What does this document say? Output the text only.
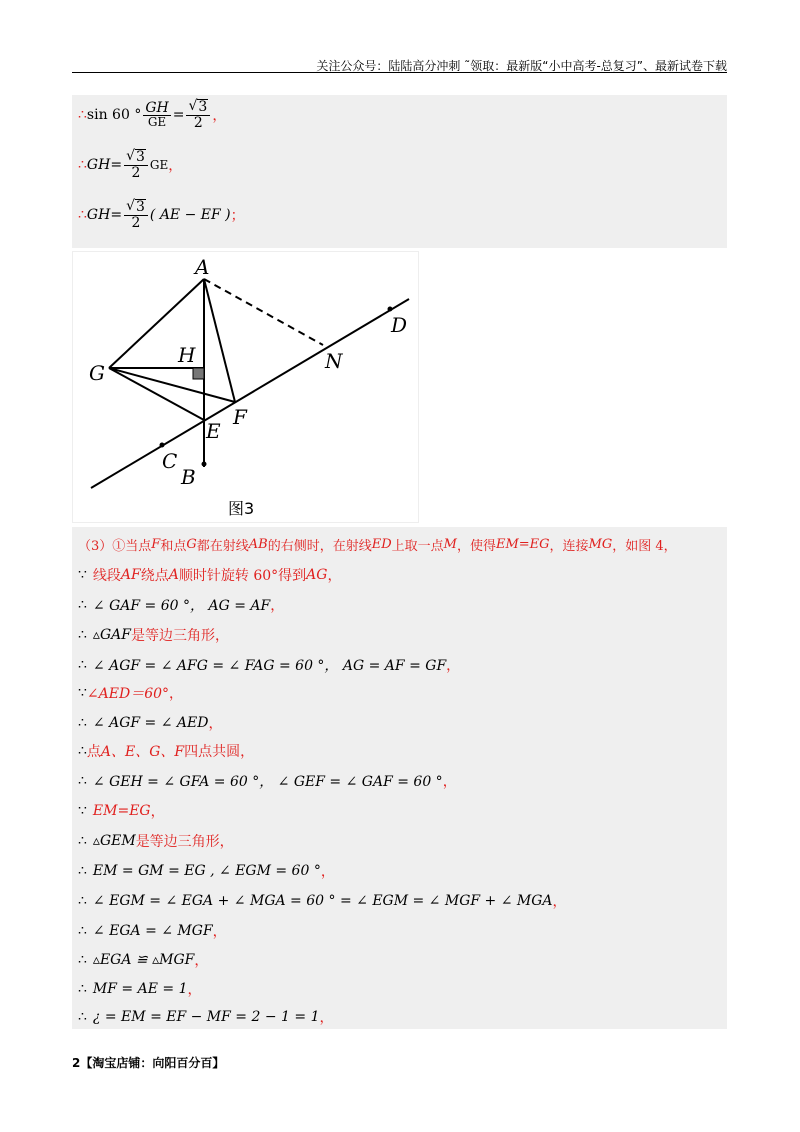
关注公众号：陆陆高分冲刺 ˜领取：最新版“小中高考-总复习”、最新试卷下载
∴ sin 60 ° $\frac{GH}{GE} = \frac{√ 3}{2}$ ，
∴ GH = $\frac{√ 3}{2}$ GE ，
∴ GH = $\frac{√ 3}{2}$ ( AE − EF ) ；
A
D
N
H
G
F
E
C
B
图3
（3）①当点 F 和点 G 都在射线 AB 的右侧时，在射线 ED 上取一点 M ，使得 EM=EG ，连接 MG ，如图 4，
∵ 线段 AF 绕点 A 顺时针旋转 60°得到 AG ，
∴ ∠ GAF = 60 °， AG = AF ，
∴ ▵GAF 是等边三角形，
∴ ∠ AGF = ∠ AFG = ∠ FAG = 60 °， AG = AF = GF ，
∵ ∠AED＝60° ，
∴ ∠ AGF = ∠ AED ，
∴ 点 A、E、G、F 四点共圆，
∴ ∠ GEH = ∠ GFA = 60 °， ∠ GEF = ∠ GAF = 60 ° ，
∵ EM=EG ，
∴ ▵GEM 是等边三角形，
∴ EM = GM = EG , ∠ EGM = 60 ° ，
∴ ∠ EGM = ∠ EGA + ∠ MGA = 60 ° = ∠ EGM = ∠ MGF + ∠ MGA ，
∴ ∠ EGA = ∠ MGF ，
∴ ▵EGA ≌ ▵MGF ，
∴ MF = AE = 1 ，
∴ ¿ = EM = EF − MF = 2 − 1 = 1 ，
2【淘宝店铺：向阳百分百】
